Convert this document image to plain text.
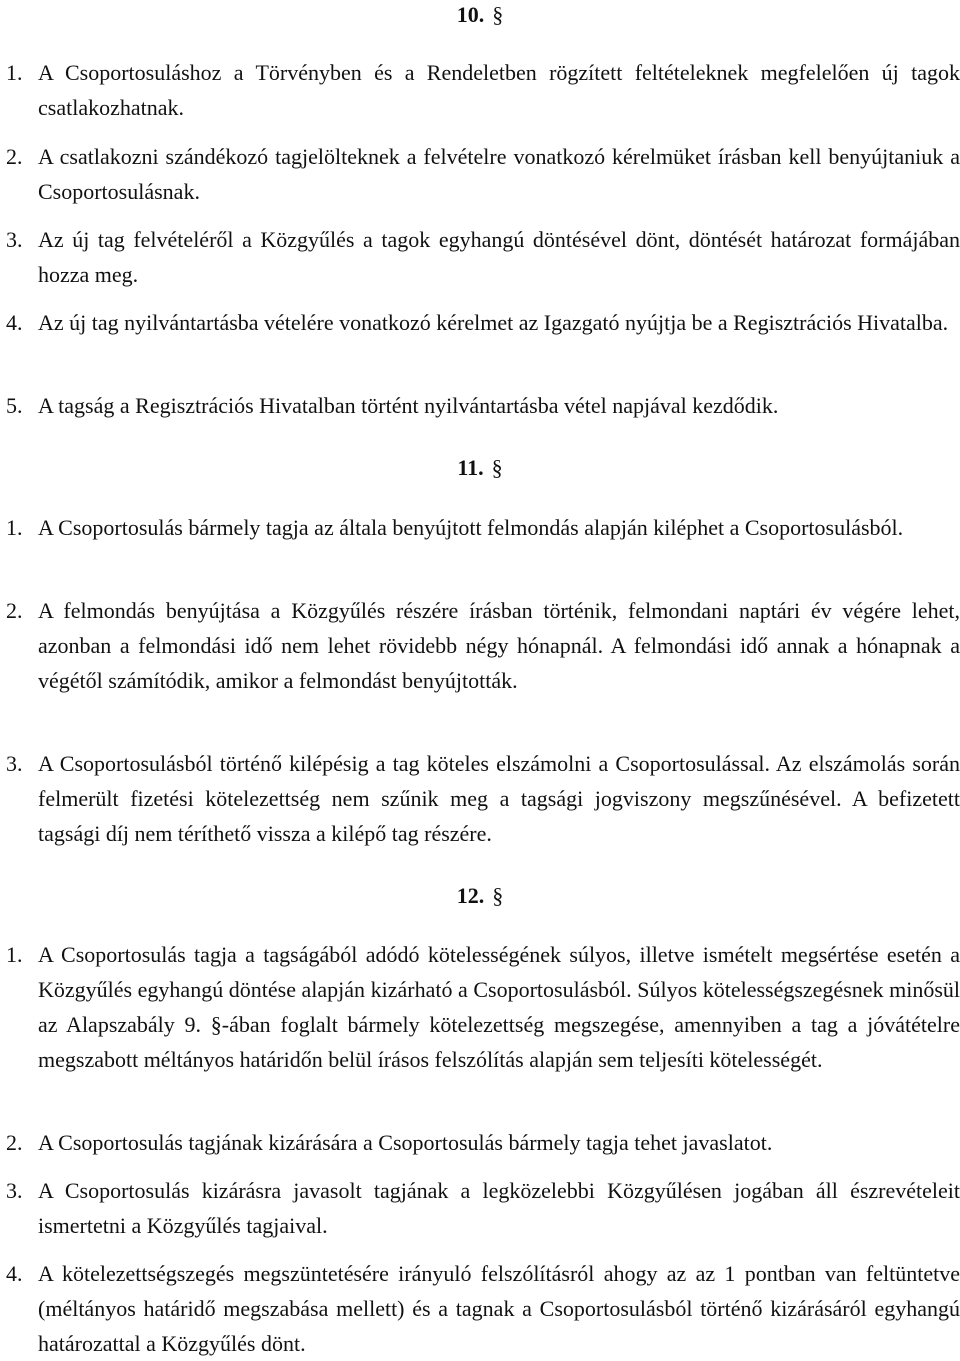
10. §
1. A Csoportosuláshoz a Törvényben és a Rendeletben rögzített feltételeknek megfelelően új tagok csatlakozhatnak.
2. A csatlakozni szándékozó tagjelölteknek a felvételre vonatkozó kérelmüket írásban kell benyújtaniuk a Csoportosulásnak.
3. Az új tag felvételéről a Közgyűlés a tagok egyhangú döntésével dönt, döntését határozat formájában hozza meg.
4. Az új tag nyilvántartásba vételére vonatkozó kérelmet az Igazgató nyújtja be a Regisztrációs Hivatalba.
5. A tagság a Regisztrációs Hivatalban történt nyilvántartásba vétel napjával kezdődik.
11. §
1. A Csoportosulás bármely tagja az általa benyújtott felmondás alapján kiléphet a Csoportosulásból.
2. A felmondás benyújtása a Közgyűlés részére írásban történik, felmondani naptári év végére lehet, azonban a felmondási idő nem lehet rövidebb négy hónapnál. A felmondási idő annak a hónapnak a végétől számítódik, amikor a felmondást benyújtották.
3. A Csoportosulásból történő kilépésig a tag köteles elszámolni a Csoportosulással. Az elszámolás során felmerült fizetési kötelezettség nem szűnik meg a tagsági jogviszony megszűnésével. A befizetett tagsági díj nem téríthető vissza a kilépő tag részére.
12. §
1. A Csoportosulás tagja a tagságából adódó kötelességének súlyos, illetve ismételt megsértése esetén a Közgyűlés egyhangú döntése alapján kizárható a Csoportosulásból. Súlyos kötelességszegésnek minősül az Alapszabály 9. §-ában foglalt bármely kötelezettség megszegése, amennyiben a tag a jóvátételre megszabott méltányos határidőn belül írásos felszólítás alapján sem teljesíti kötelességét.
2. A Csoportosulás tagjának kizárására a Csoportosulás bármely tagja tehet javaslatot.
3. A Csoportosulás kizárásra javasolt tagjának a legközelebbi Közgyűlésen jogában áll észrevételeit ismertetni a Közgyűlés tagjaival.
4. A kötelezettségszegés megszüntetésére irányuló felszólításról ahogy az az 1 pontban van feltüntetve (méltányos határidő megszabása mellett) és a tagnak a Csoportosulásból történő kizárásáról egyhangú határozattal a Közgyűlés dönt.
